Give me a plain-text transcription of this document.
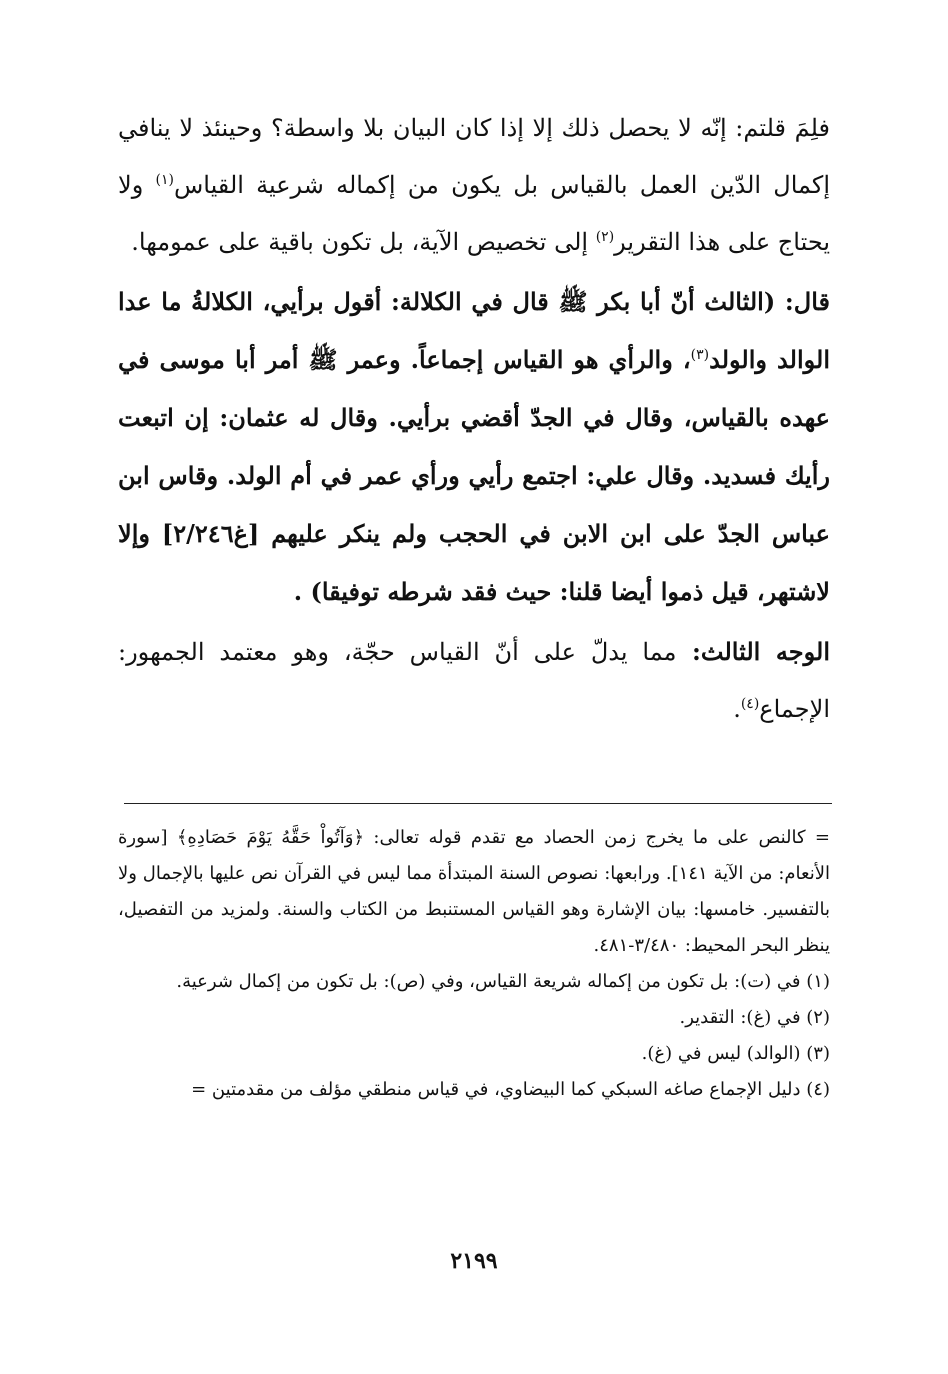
فلِمَ قلتم: إنّه لا يحصل ذلك إلا إذا كان البيان بلا واسطة؟ وحينئذ لا ينافي إكمال الدّين العمل بالقياس بل يكون من إكماله شرعية القياس$^{(١)}$ ولا يحتاج على هذا التقرير$^{(٢)}$ إلى تخصيص الآية، بل تكون باقية على عمومها.

قال: (الثالث أنّ أبا بكر ﷺ قال في الكلالة: أقول برأيي، الكلالةُ ما عدا الوالد والولد$^{(٣)}$، والرأي هو القياس إجماعاً. وعمر ﷺ أمر أبا موسى في عهده بالقياس، وقال في الجدّ أقضي برأيي. وقال له عثمان: إن اتبعت رأيك فسديد. وقال علي: اجتمع رأيي ورأي عمر في أم الولد. وقاس ابن عباس الجدّ على ابن الابن في الحجب ولم ينكر عليهم [غ٢/٢٤٦] وإلا لاشتهر، قيل ذموا أيضا قلنا: حيث فقد شرطه توفيقا) .

الوجه الثالث: مما يدلّ على أنّ القياس حجّة، وهو معتمد الجمهور: الإجماع$^{(٤)}$.

= كالنص على ما يخرج زمن الحصاد مع تقدم قوله تعالى: ﴿وَآتُواْ حَقَّهُ يَوْمَ حَصَادِهِ﴾ [سورة الأنعام: من الآية ١٤١]. ورابعها: نصوص السنة المبتدأة مما ليس في القرآن نص عليها بالإجمال ولا بالتفسير. خامسها: بيان الإشارة وهو القياس المستنبط من الكتاب والسنة. ولمزيد من التفصيل، ينظر البحر المحيط: ٣/٤٨٠-٤٨١.

(١) في (ت): بل تكون من إكماله شريعة القياس، وفي (ص): بل تكون من إكمال شرعية.

(٢) في (غ): التقدير.

(٣) (الوالد) ليس في (غ).

(٤) دليل الإجماع صاغه السبكي كما البيضاوي، في قياس منطقي مؤلف من مقدمتين =

٢١٩٩
